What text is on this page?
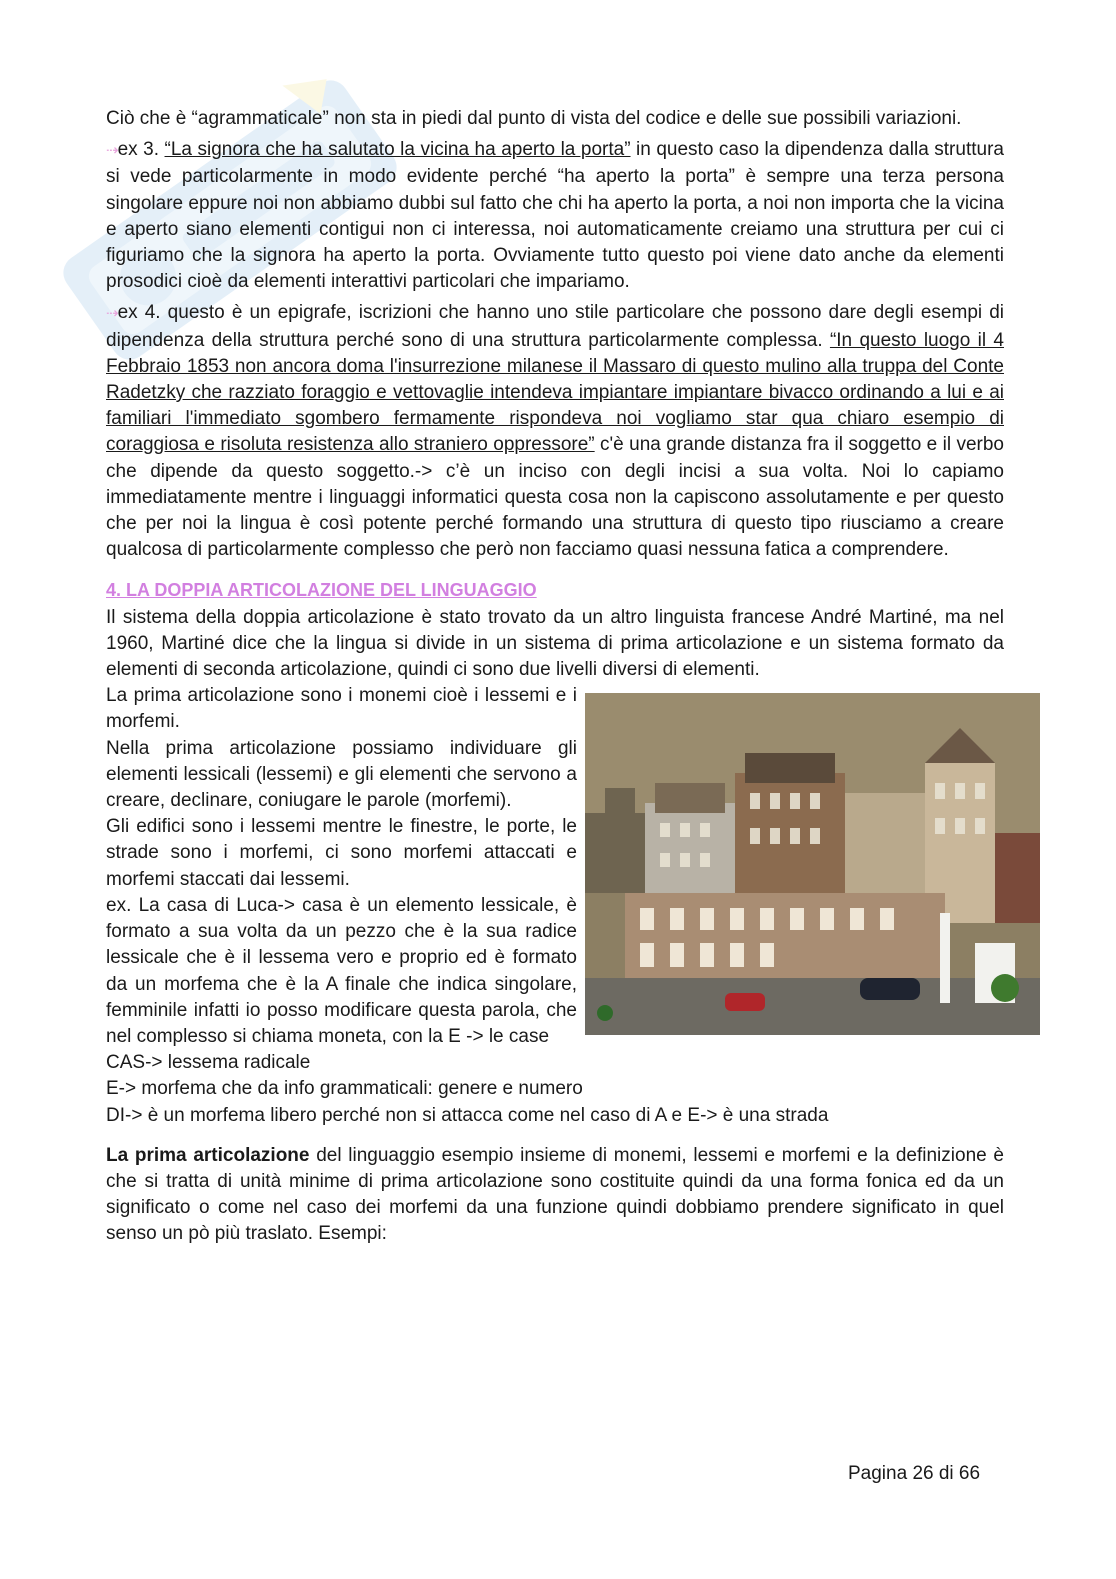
Ciò che è “agrammaticale” non sta in piedi dal punto di vista del codice e delle sue possibili variazioni.

⇢ex 3. “La signora che ha salutato la vicina ha aperto la porta” in questo caso la dipendenza dalla struttura si vede particolarmente in modo evidente perché “ha aperto la porta” è sempre una terza persona singolare eppure noi non abbiamo dubbi sul fatto che chi ha aperto la porta, a noi non importa che la vicina e aperto siano elementi contigui non ci interessa, noi automaticamente creiamo una struttura per cui ci figuriamo che la signora ha aperto la porta. Ovviamente tutto questo poi viene dato anche da elementi prosodici cioè da elementi interattivi particolari che impariamo.

⇢ex 4. questo è un epigrafe, iscrizioni che hanno uno stile particolare che possono dare degli esempi di dipendenza della struttura perché sono di una struttura particolarmente complessa. “In questo luogo il 4 Febbraio 1853 non ancora doma l'insurrezione milanese il Massaro di questo mulino alla truppa del Conte Radetzky che razziato foraggio e vettovaglie intendeva impiantare impiantare bivacco ordinando a lui e ai familiari l'immediato sgombero fermamente rispondeva noi vogliamo star qua chiaro esempio di coraggiosa e risoluta resistenza allo straniero oppressore” c'è una grande distanza fra il soggetto e il verbo che dipende da questo soggetto.-> c’è un inciso con degli incisi a sua volta. Noi lo capiamo immediatamente mentre i linguaggi informatici questa cosa non la capiscono assolutamente e per questo che per noi la lingua è così potente perché formando una struttura di questo tipo riusciamo a creare qualcosa di particolarmente complesso che però non facciamo quasi nessuna fatica a comprendere.

4. LA DOPPIA ARTICOLAZIONE DEL LINGUAGGIO

Il sistema della doppia articolazione è stato trovato da un altro linguista francese André Martiné, ma nel 1960, Martiné dice che la lingua si divide in un sistema di prima articolazione e un sistema formato da elementi di seconda articolazione, quindi ci sono due livelli diversi di elementi.

La prima articolazione sono i monemi cioè i lessemi e i morfemi.

Nella prima articolazione possiamo individuare gli elementi lessicali (lessemi) e gli elementi che servono a creare, declinare, coniugare le parole (morfemi).

Gli edifici sono i lessemi mentre le finestre, le porte, le strade sono i morfemi, ci sono morfemi attaccati e morfemi staccati dai lessemi.

ex. La casa di Luca-> casa è un elemento lessicale, è formato a sua volta da un pezzo che è la sua radice lessicale che è il lessema vero e proprio ed è formato da un morfema che è la A finale che indica singolare, femminile infatti io posso modificare questa parola, che nel complesso si chiama moneta, con la E -> le case

CAS-> lessema radicale

E-> morfema che da info grammaticali: genere e numero

DI-> è un morfema libero perché non si attacca come nel caso di A e E-> è una strada

La prima articolazione del linguaggio esempio insieme di monemi, lessemi e morfemi e la definizione è che si tratta di unità minime di prima articolazione sono costituite quindi da una forma fonica ed da un significato o come nel caso dei morfemi da una funzione quindi dobbiamo prendere significato in quel senso un pò più traslato. Esempi:

Pagina 26 di 66
